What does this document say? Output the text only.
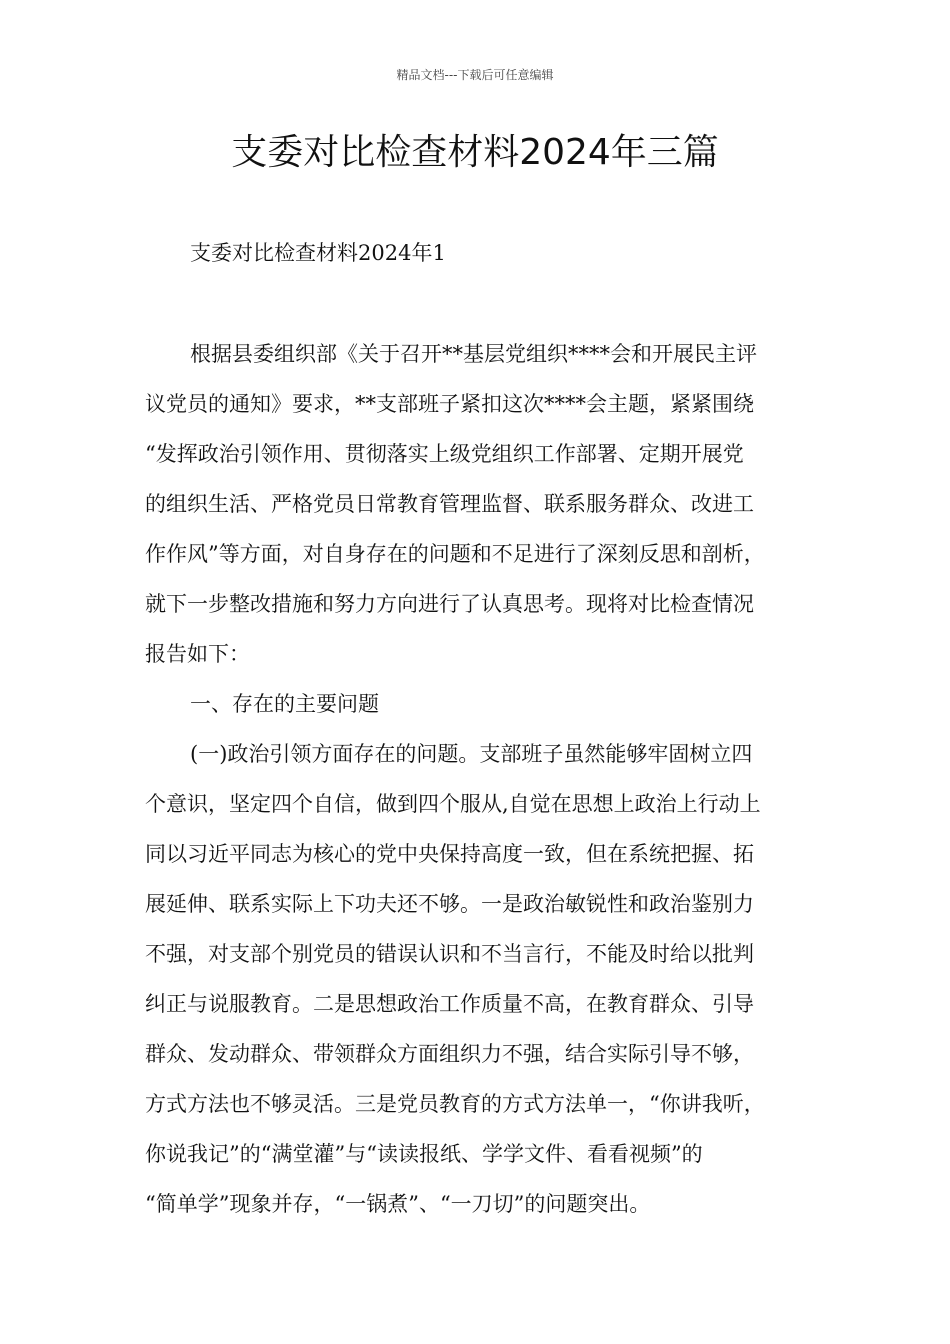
精品文档---下载后可任意编辑
支委对比检查材料2024年三篇
支委对比检查材料2024年1
根据县委组织部《关于召开**基层党组织****会和开展民主评
议党员的通知》要求，**支部班子紧扣这次****会主题，紧紧围绕
“发挥政治引领作用、贯彻落实上级党组织工作部署、定期开展党
的组织生活、严格党员日常教育管理监督、联系服务群众、改进工
作作风”等方面，对自身存在的问题和不足进行了深刻反思和剖析，
就下一步整改措施和努力方向进行了认真思考。现将对比检查情况
报告如下：
一、存在的主要问题
(一)政治引领方面存在的问题。支部班子虽然能够牢固树立四
个意识，坚定四个自信，做到四个服从,自觉在思想上政治上行动上
同以习近平同志为核心的党中央保持高度一致，但在系统把握、拓
展延伸、联系实际上下功夫还不够。一是政治敏锐性和政治鉴别力
不强，对支部个别党员的错误认识和不当言行，不能及时给以批判
纠正与说服教育。二是思想政治工作质量不高，在教育群众、引导
群众、发动群众、带领群众方面组织力不强，结合实际引导不够，
方式方法也不够灵活。三是党员教育的方式方法单一，“你讲我听，
你说我记”的“满堂灌”与“读读报纸、学学文件、看看视频”的
“简单学”现象并存，“一锅煮”、“一刀切”的问题突出。
